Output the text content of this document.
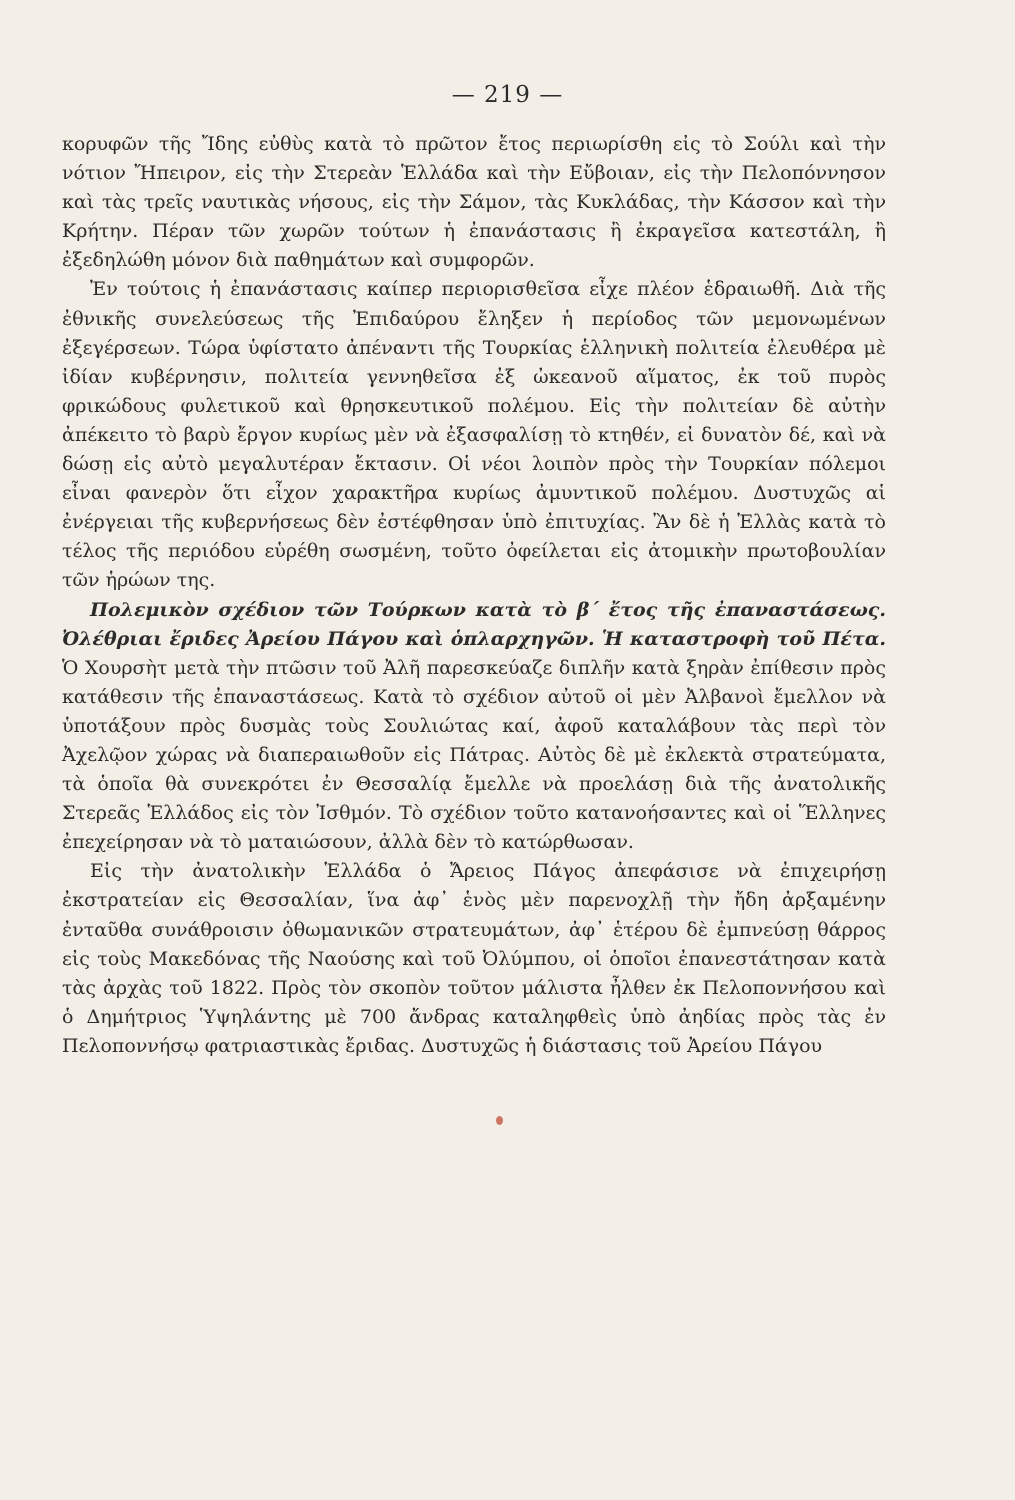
— 219 —

κορυφῶν τῆς Ἴδης εὐθὺς κατὰ τὸ πρῶτον ἔτος περιωρίσθη εἰς τὸ Σούλι καὶ τὴν νότιον Ἤπειρον, εἰς τὴν Στερεὰν Ἑλλάδα καὶ τὴν Εὔβοιαν, εἰς τὴν Πελοπόννησον καὶ τὰς τρεῖς ναυτικὰς νήσους, εἰς τὴν Σάμον, τὰς Κυκλάδας, τὴν Κάσσον καὶ τὴν Κρήτην. Πέραν τῶν χωρῶν τούτων ἡ ἐπανάστασις ἢ ἐκραγεῖσα κατεστάλη, ἢ ἐξεδηλώθη μόνον διὰ παθημάτων καὶ συμφορῶν.

Ἐν τούτοις ἡ ἐπανάστασις καίπερ περιορισθεῖσα εἶχε πλέον ἑδραιωθῆ. Διὰ τῆς ἐθνικῆς συνελεύσεως τῆς Ἐπιδαύρου ἔληξεν ἡ περίοδος τῶν μεμονωμένων ἐξεγέρσεων. Τώρα ὑφίστατο ἀπέναντι τῆς Τουρκίας ἑλληνικὴ πολιτεία ἐλευθέρα μὲ ἰδίαν κυβέρνησιν, πολιτεία γεννηθεῖσα ἐξ ὠκεανοῦ αἵματος, ἐκ τοῦ πυρὸς φρικώδους φυλετικοῦ καὶ θρησκευτικοῦ πολέμου. Εἰς τὴν πολιτείαν δὲ αὐτὴν ἀπέκειτο τὸ βαρὺ ἔργον κυρίως μὲν νὰ ἐξασφαλίσῃ τὸ κτηθέν, εἰ δυνατὸν δέ, καὶ νὰ δώσῃ εἰς αὐτὸ μεγαλυτέραν ἔκτασιν. Οἱ νέοι λοιπὸν πρὸς τὴν Τουρκίαν πόλεμοι εἶναι φανερὸν ὅτι εἶχον χαρακτῆρα κυρίως ἀμυντικοῦ πολέμου. Δυστυχῶς αἱ ἐνέργειαι τῆς κυβερνήσεως δὲν ἐστέφθησαν ὑπὸ ἐπιτυχίας. Ἂν δὲ ἡ Ἑλλὰς κατὰ τὸ τέλος τῆς περιόδου εὑρέθη σωσμένη, τοῦτο ὀφείλεται εἰς ἀτομικὴν πρωτοβουλίαν τῶν ἡρώων της.

Πολεμικὸν σχέδιον τῶν Τούρκων κατὰ τὸ β΄ ἔτος τῆς ἐπαναστάσεως. Ὀλέθριαι ἔριδες Ἀρείου Πάγου καὶ ὁπλαρχηγῶν. Ἡ καταστροφὴ τοῦ Πέτα. Ὁ Χουρσὴτ μετὰ τὴν πτῶσιν τοῦ Ἀλῆ παρεσκεύαζε διπλῆν κατὰ ξηρὰν ἐπίθεσιν πρὸς κατάθεσιν τῆς ἐπαναστάσεως. Κατὰ τὸ σχέδιον αὐτοῦ οἱ μὲν Ἀλβανοὶ ἔμελλον νὰ ὑποτάξουν πρὸς δυσμὰς τοὺς Σουλιώτας καί, ἀφοῦ καταλάβουν τὰς περὶ τὸν Ἀχελῷον χώρας νὰ διαπεραιωθοῦν εἰς Πάτρας. Αὐτὸς δὲ μὲ ἐκλεκτὰ στρατεύματα, τὰ ὁποῖα θὰ συνεκρότει ἐν Θεσσαλίᾳ ἔμελλε νὰ προελάσῃ διὰ τῆς ἀνατολικῆς Στερεᾶς Ἑλλάδος εἰς τὸν Ἰσθμόν. Τὸ σχέδιον τοῦτο κατανοήσαντες καὶ οἱ Ἕλληνες ἐπεχείρησαν νὰ τὸ ματαιώσουν, ἀλλὰ δὲν τὸ κατώρθωσαν.

Εἰς τὴν ἀνατολικὴν Ἑλλάδα ὁ Ἄρειος Πάγος ἀπεφάσισε νὰ ἐπιχειρήσῃ ἐκστρατείαν εἰς Θεσσαλίαν, ἵνα ἀφ᾽ ἑνὸς μὲν παρενοχλῇ τὴν ἤδη ἀρξαμένην ἐνταῦθα συνάθροισιν ὀθωμανικῶν στρατευμάτων, ἀφ᾽ ἑτέρου δὲ ἐμπνεύσῃ θάρρος εἰς τοὺς Μακεδόνας τῆς Ναούσης καὶ τοῦ Ὀλύμπου, οἱ ὁποῖοι ἐπανεστάτησαν κατὰ τὰς ἀρχὰς τοῦ 1822. Πρὸς τὸν σκοπὸν τοῦτον μάλιστα ἦλθεν ἐκ Πελοποννήσου καὶ ὁ Δημήτριος Ὑψηλάντης μὲ 700 ἄνδρας καταληφθεὶς ὑπὸ ἀηδίας πρὸς τὰς ἐν Πελοποννήσῳ φατριαστικὰς ἔριδας. Δυστυχῶς ἡ διάστασις τοῦ Ἀρείου Πάγου
